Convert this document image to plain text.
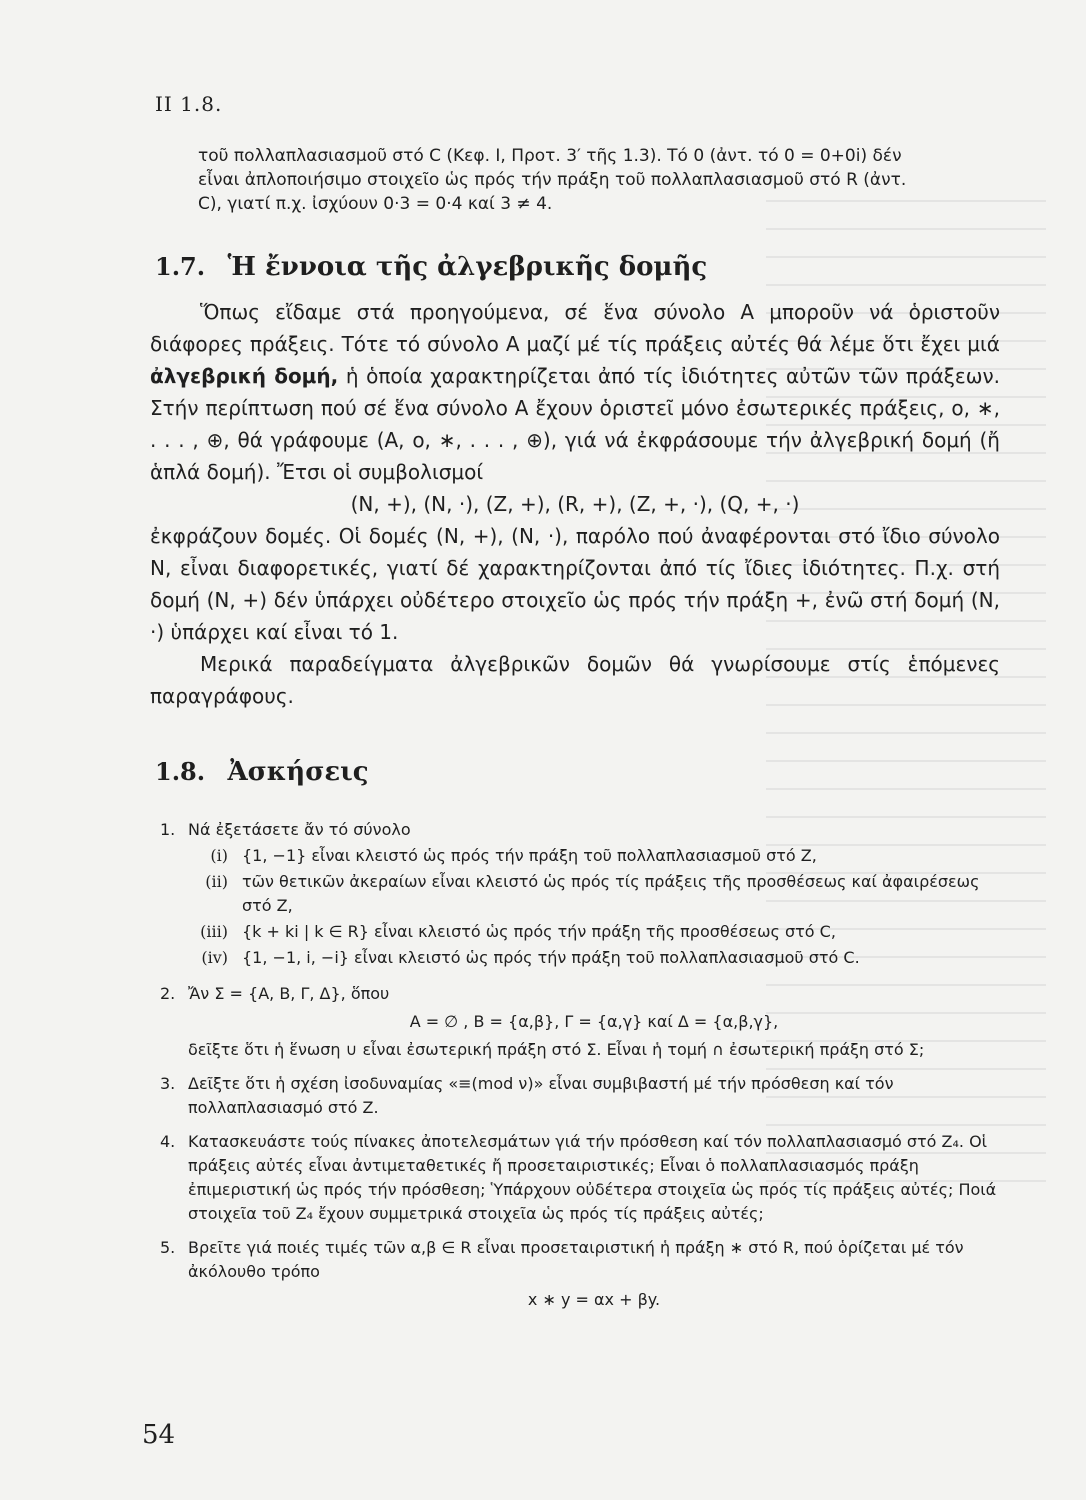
II 1.8.

τοῦ πολλαπλασιασμοῦ στό C (Κεφ. I, Προτ. 3′ τῆς 1.3). Τό 0 (ἀντ. τό 0 = 0+0i) δέν

εἶναι ἀπλοποιήσιμο στοιχεῖο ὡς πρός τήν πράξη τοῦ πολλαπλασιασμοῦ στό R (ἀντ.

C), γιατί π.χ. ἰσχύουν 0·3 = 0·4 καί 3 ≠ 4.

1.7. Ἡ ἔννοια τῆς ἀλγεβρικῆς δομῆς

Ὅπως εἴδαμε στά προηγούμενα, σέ ἕνα σύνολο A μποροῦν νά ὁριστοῦν διάφορες πράξεις. Τότε τό σύνολο A μαζί μέ τίς πράξεις αὐτές θά λέμε ὅτι ἔχει μιά ἀλγεβρική δομή, ἡ ὁποία χαρακτηρίζεται ἀπό τίς ἰδιότητες αὐτῶν τῶν πράξεων. Στήν περίπτωση πού σέ ἕνα σύνολο A ἔχουν ὁριστεῖ μόνο ἐσωτερικές πράξεις, ο, ∗, . . . , ⊕, θά γράφουμε (A, ο, ∗, . . . , ⊕), γιά νά ἐκφράσουμε τήν ἀλγεβρική δομή (ἤ ἁπλά δομή). Ἔτσι οἱ συμβολισμοί

(N, +), (N, ·), (Z, +), (R, +), (Z, +, ·), (Q, +, ·)

ἐκφράζουν δομές. Οἱ δομές (N, +), (N, ·), παρόλο πού ἀναφέρονται στό ἴδιο σύνολο N, εἶναι διαφορετικές, γιατί δέ χαρακτηρίζονται ἀπό τίς ἴδιες ἰδιότητες. Π.χ. στή δομή (N, +) δέν ὑπάρχει οὐδέτερο στοιχεῖο ὡς πρός τήν πράξη +, ἐνῶ στή δομή (N, ·) ὑπάρχει καί εἶναι τό 1.

Μερικά παραδείγματα ἀλγεβρικῶν δομῶν θά γνωρίσουμε στίς ἑπόμενες παραγράφους.

1.8. Ἀσκήσεις
1. Νά ἐξετάσετε ἄν τό σύνολο
(i) {1, −1} εἶναι κλειστό ὡς πρός τήν πράξη τοῦ πολλαπλασιασμοῦ στό Z,
(ii) τῶν θετικῶν ἀκεραίων εἶναι κλειστό ὡς πρός τίς πράξεις τῆς προσθέσεως καί ἀφαιρέσεως στό Z,
(iii) {k + ki | k ∈ R} εἶναι κλειστό ὡς πρός τήν πράξη τῆς προσθέσεως στό C,
(iv) {1, −1, i, −i} εἶναι κλειστό ὡς πρός τήν πράξη τοῦ πολλαπλασιασμοῦ στό C.
2. Ἄν Σ = {A, B, Γ, Δ}, ὅπου
A = ∅ , B = {α,β}, Γ = {α,γ} καί Δ = {α,β,γ},
δεῖξτε ὅτι ἡ ἕνωση ∪ εἶναι ἐσωτερική πράξη στό Σ. Εἶναι ἡ τομή ∩ ἐσωτερική πράξη στό Σ;
3. Δεῖξτε ὅτι ἡ σχέση ἰσοδυναμίας «≡(mod ν)» εἶναι συμβιβαστή μέ τήν πρόσθεση καί τόν πολλαπλασιασμό στό Z.
4. Κατασκευάστε τούς πίνακες ἀποτελεσμάτων γιά τήν πρόσθεση καί τόν πολλαπλασιασμό στό Z₄. Οἱ πράξεις αὐτές εἶναι ἀντιμεταθετικές ἤ προσεταιριστικές; Εἶναι ὁ πολλαπλασιασμός πράξη ἐπιμεριστική ὡς πρός τήν πρόσθεση; Ὑπάρχουν οὐδέτερα στοιχεῖα ὡς πρός τίς πράξεις αὐτές; Ποιά στοιχεῖα τοῦ Z₄ ἔχουν συμμετρικά στοιχεῖα ὡς πρός τίς πράξεις αὐτές;
5. Βρεῖτε γιά ποιές τιμές τῶν α,β ∈ R εἶναι προσεταιριστική ἡ πράξη ∗ στό R, πού ὁρίζεται μέ τόν ἀκόλουθο τρόπο
x ∗ y = αx + βy.
54
